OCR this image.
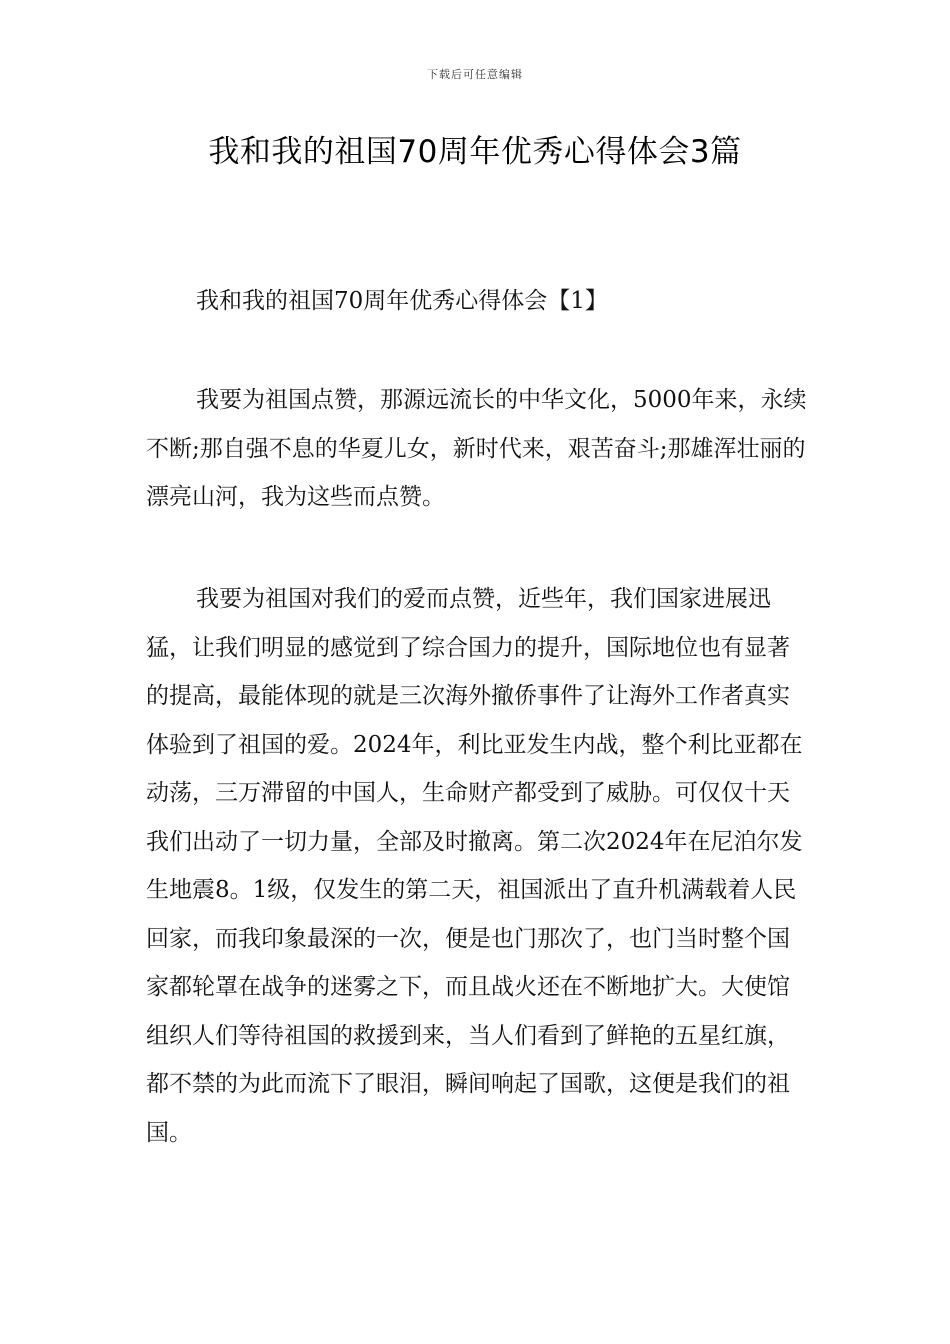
下载后可任意编辑
我和我的祖国70周年优秀心得体会3篇

我和我的祖国70周年优秀心得体会【1】

我要为祖国点赞，那源远流长的中华文化，5000年来，永续不断;那自强不息的华夏儿女，新时代来，艰苦奋斗;那雄浑壮丽的漂亮山河，我为这些而点赞。

我要为祖国对我们的爱而点赞，近些年，我们国家进展迅猛，让我们明显的感觉到了综合国力的提升，国际地位也有显著的提高，最能体现的就是三次海外撤侨事件了让海外工作者真实体验到了祖国的爱。2024年，利比亚发生内战，整个利比亚都在动荡，三万滞留的中国人，生命财产都受到了威胁。可仅仅十天我们出动了一切力量，全部及时撤离。第二次2024年在尼泊尔发生地震8。1级，仅发生的第二天，祖国派出了直升机满载着人民回家，而我印象最深的一次，便是也门那次了，也门当时整个国家都轮罩在战争的迷雾之下，而且战火还在不断地扩大。大使馆组织人们等待祖国的救援到来，当人们看到了鲜艳的五星红旗，都不禁的为此而流下了眼泪，瞬间响起了国歌，这便是我们的祖国。
